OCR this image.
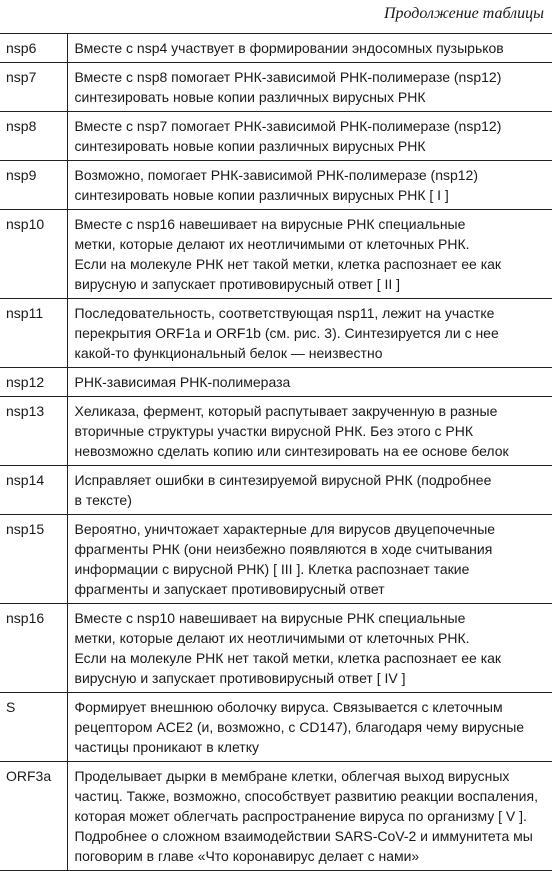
Продолжение таблицы
nsp6	Вместе с nsp4 участвует в формировании эндосомных пузырьков
nsp7	Вместе с nsp8 помогает РНК-зависимой РНК-полимеразе (nsp12)
синтезировать новые копии различных вирусных РНК
nsp8	Вместе с nsp7 помогает РНК-зависимой РНК-полимеразе (nsp12)
синтезировать новые копии различных вирусных РНК
nsp9	Возможно, помогает РНК-зависимой РНК-полимеразе (nsp12)
синтезировать новые копии различных вирусных РНК [ I ]
nsp10	Вместе с nsp16 навешивает на вирусные РНК специальные
метки, которые делают их неотличимыми от клеточных РНК.
Если на молекуле РНК нет такой метки, клетка распознает ее как
вирусную и запускает противовирусный ответ [ II ]
nsp11	Последовательность, соответствующая nsp11, лежит на участке
перекрытия ORF1a и ORF1b (см. рис. 3). Синтезируется ли с нее
какой-то функциональный белок — неизвестно
nsp12	РНК-зависимая РНК-полимераза
nsp13	Хеликаза, фермент, который распутывает закрученную в разные
вторичные структуры участки вирусной РНК. Без этого с РНК
невозможно сделать копию или синтезировать на ее основе белок
nsp14	Исправляет ошибки в синтезируемой вирусной РНК (подробнее
в тексте)
nsp15	Вероятно, уничтожает характерные для вирусов двуцепочечные
фрагменты РНК (они неизбежно появляются в ходе считывания
информации с вирусной РНК) [ III ]. Клетка распознает такие
фрагменты и запускает противовирусный ответ
nsp16	Вместе с nsp10 навешивает на вирусные РНК специальные
метки, которые делают их неотличимыми от клеточных РНК.
Если на молекуле РНК нет такой метки, клетка распознает ее как
вирусную и запускает противовирусный ответ [ IV ]
S	Формирует внешнюю оболочку вируса. Связывается с клеточным
рецептором ACE2 (и, возможно, с CD147), благодаря чему вирусные
частицы проникают в клетку
ORF3a	Проделывает дырки в мембране клетки, облегчая выход вирусных
частиц. Также, возможно, способствует развитию реакции воспаления,
которая может облегчать распространение вируса по организму [ V ].
Подробнее о сложном взаимодействии SARS-CoV-2 и иммунитета мы
поговорим в главе «Что коронавирус делает с нами»
